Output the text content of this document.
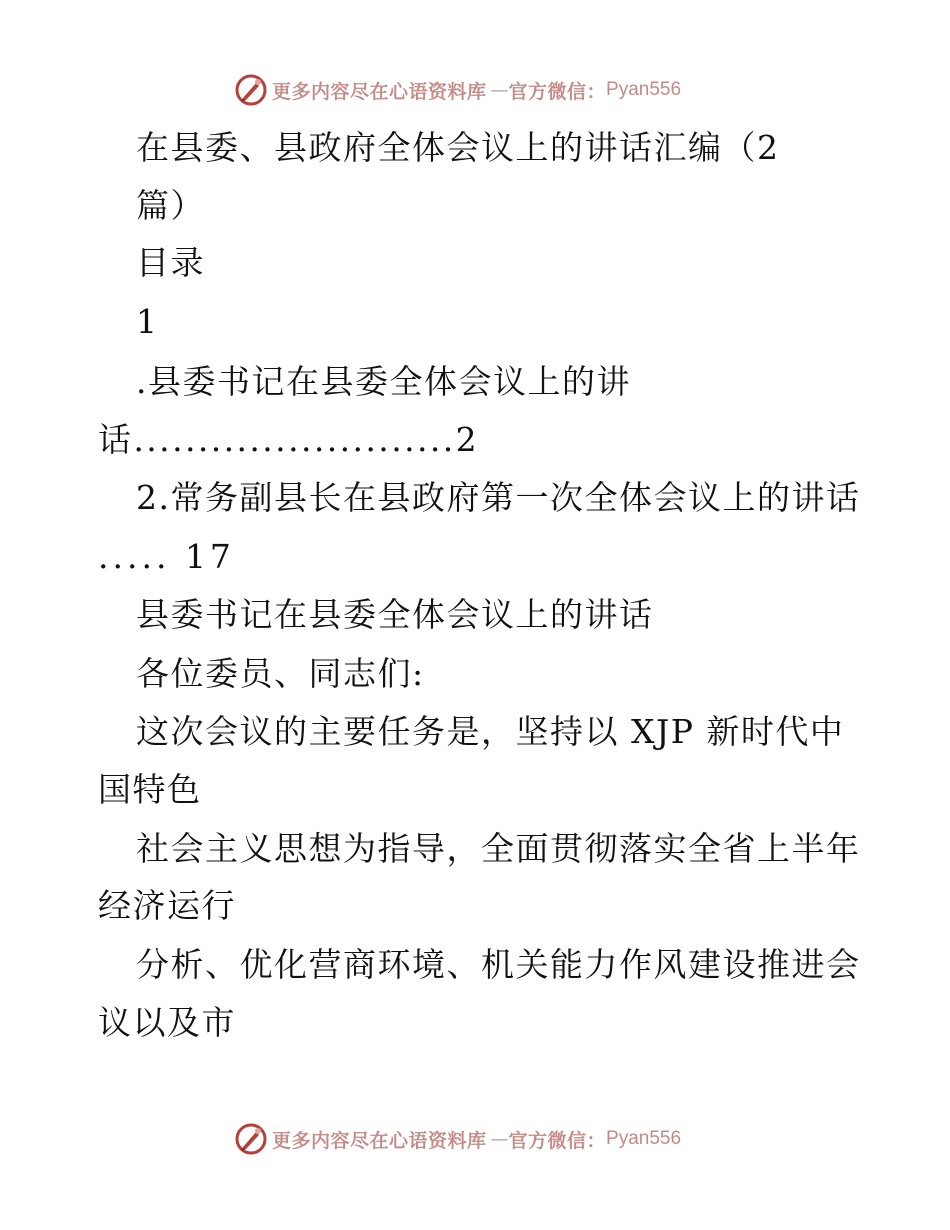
更多内容尽在心语资料库 — 官方微信： Pyan556
在县委、县政府全体会议上的讲话汇编（2
篇）
目录
1
.县委书记在县委全体会议上的讲
话.........................2
2.常务副县长在县政府第一次全体会议上的讲话
..... 17
县委书记在县委全体会议上的讲话
各位委员、同志们:
这次会议的主要任务是，坚持以 XJP 新时代中
国特色
社会主义思想为指导，全面贯彻落实全省上半年
经济运行
分析、优化营商环境、机关能力作风建设推进会
议以及市
更多内容尽在心语资料库 — 官方微信： Pyan556
